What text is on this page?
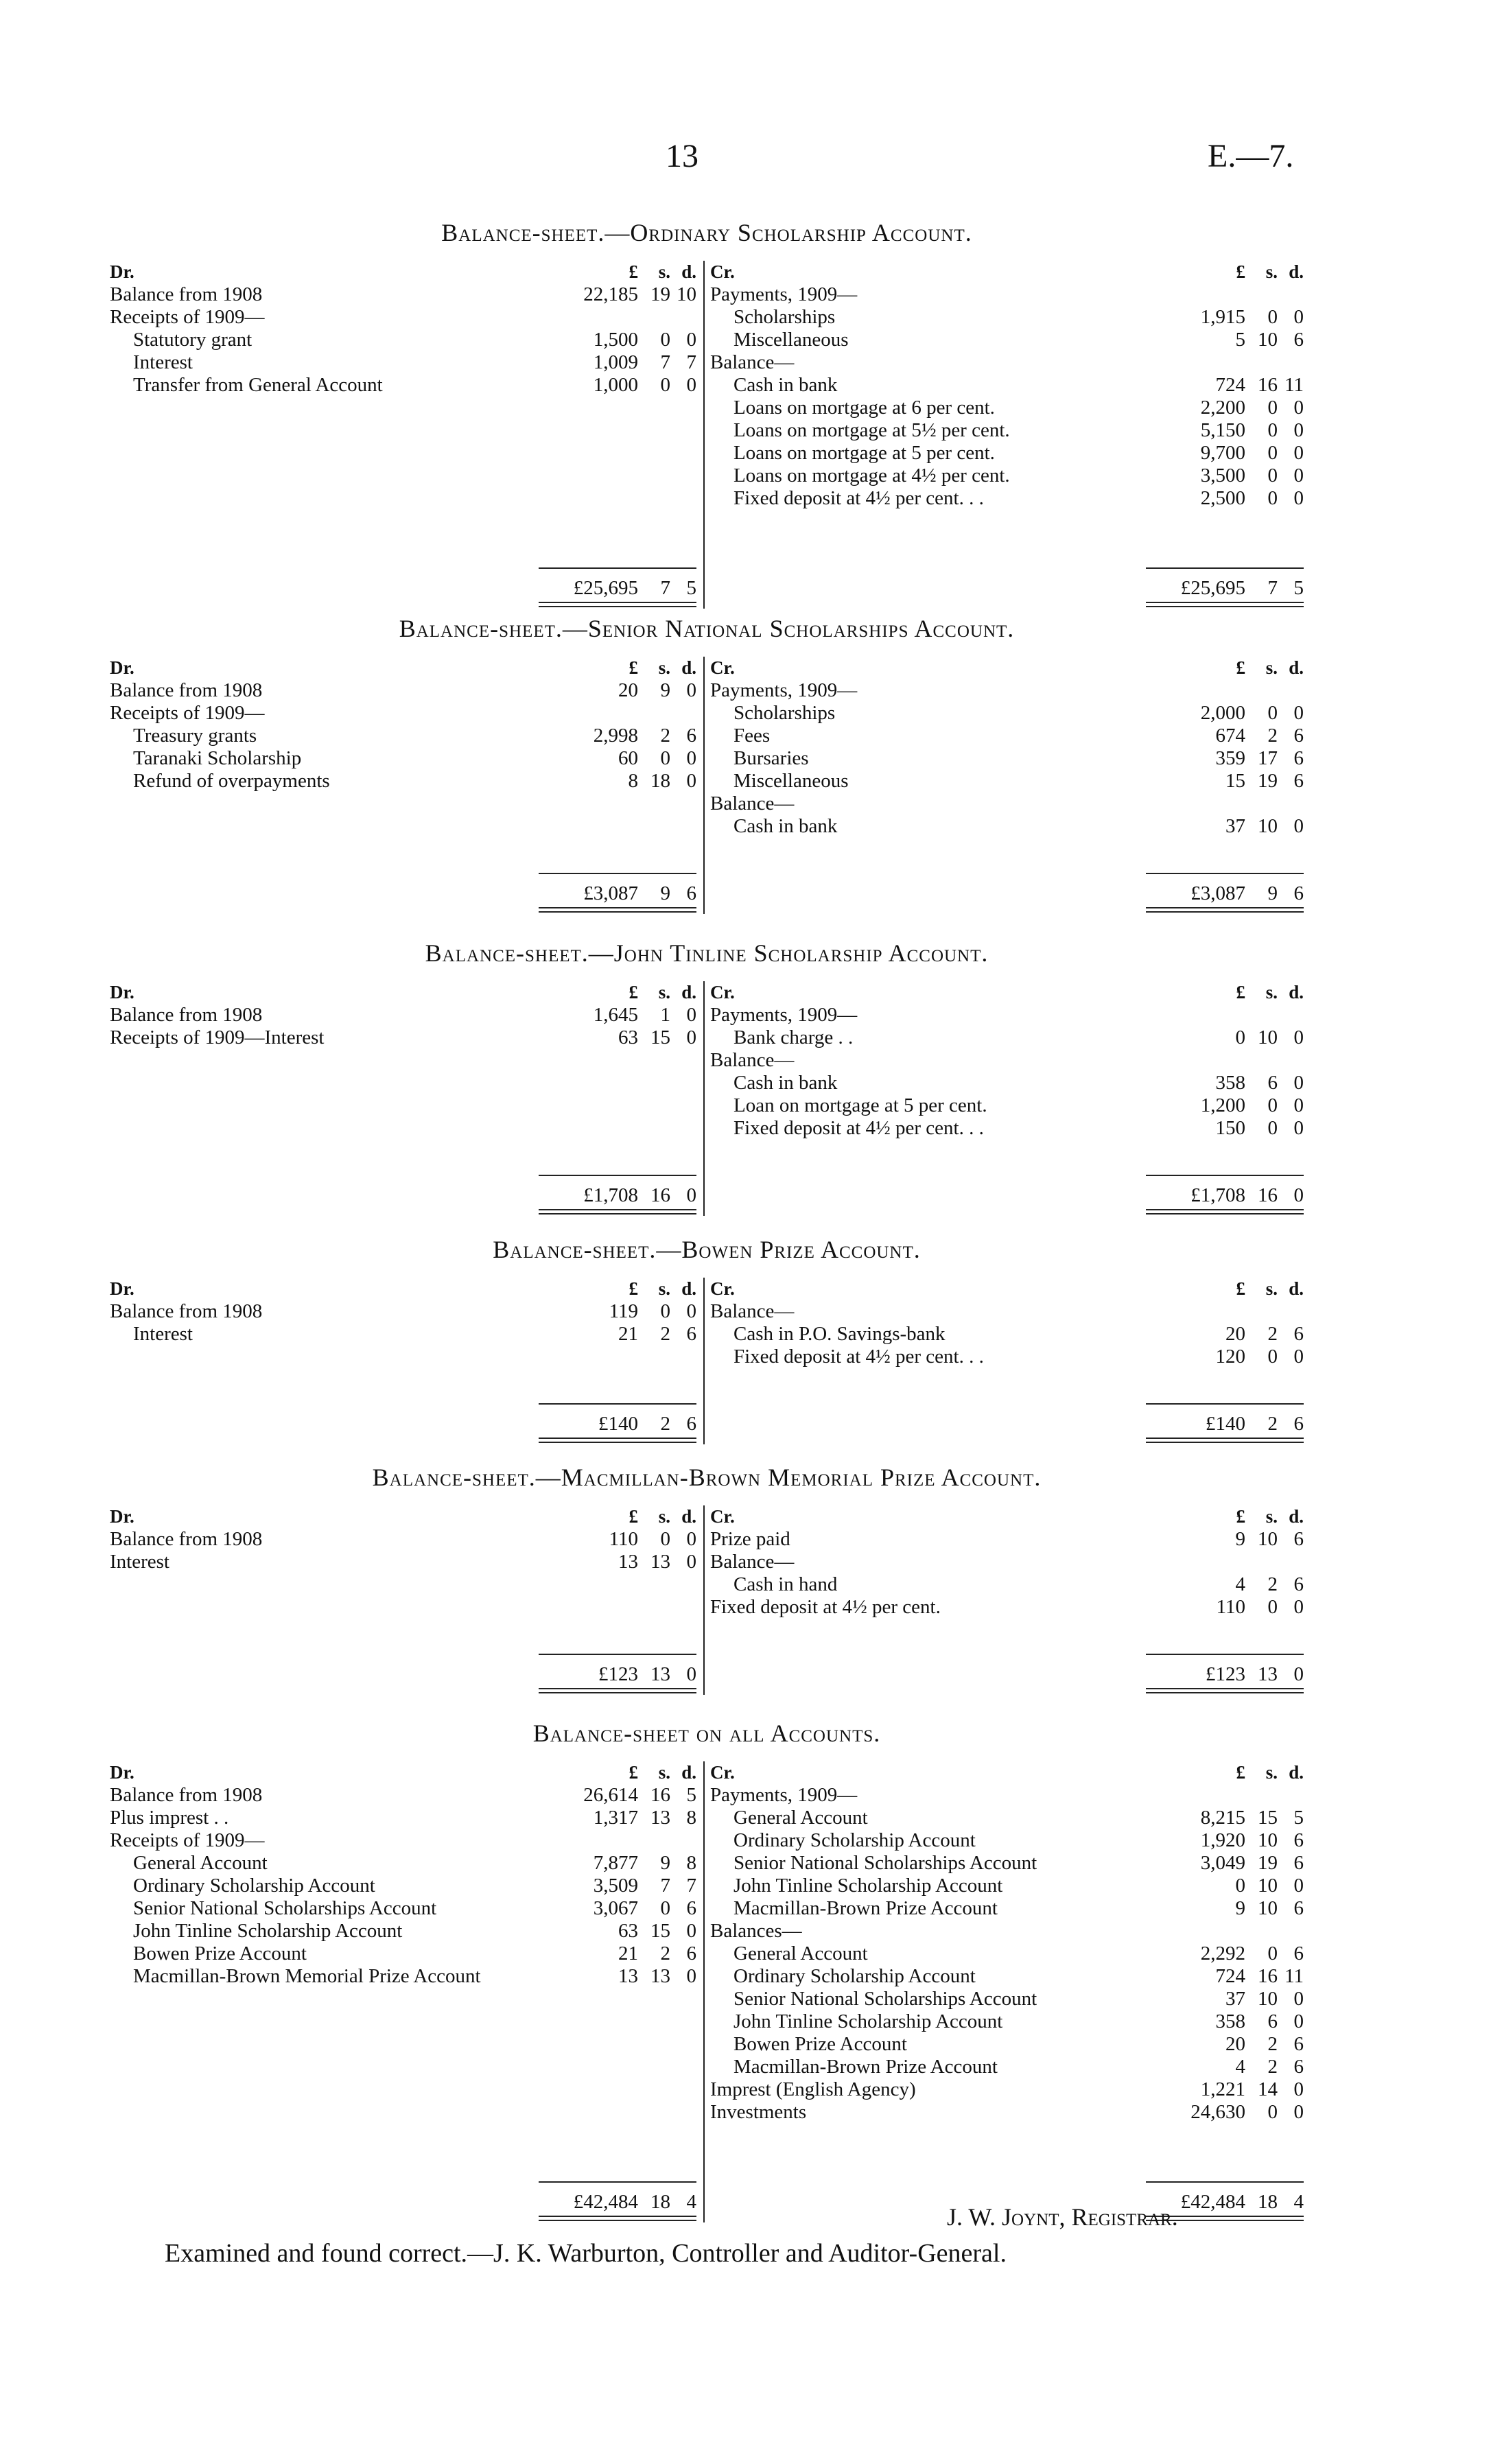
13	E.—7.
Balance-sheet.—Ordinary Scholarship Account.
Dr.	£	s. d.
Balance from 1908	22,185 19 10
Receipts of 1909—
Statutory grant	1,500	0 0
Interest	1,009	7 7
Transfer from General Account	1,000	0 0
£25,695	7 5
Cr.	£	s. d.
Payments, 1909—
Scholarships	1,915	0 0
Miscellaneous	5 10 6
Balance—
Cash in bank	724 16 11
Loans on mortgage at 6 per cent.	2,200	0 0
Loans on mortgage at 5½ per cent.	5,150	0 0
Loans on mortgage at 5 per cent.	9,700	0 0
Loans on mortgage at 4½ per cent.	3,500	0 0
Fixed deposit at 4½ per cent. . .	2,500	0 0
£25,695	7 5
Balance-sheet.—Senior National Scholarships Account.
Dr.	£	s. d.
Balance from 1908	20	9 0
Receipts of 1909—
Treasury grants	2,998	2 6
Taranaki Scholarship	60	0 0
Refund of overpayments	8 18 0
£3,087	9 6
Cr.	£	s. d.
Payments, 1909—
Scholarships	2,000	0 0
Fees	674	2 6
Bursaries	359 17 6
Miscellaneous	15 19 6
Balance—
Cash in bank	37 10 0
£3,087	9 6
Balance-sheet.—John Tinline Scholarship Account.
Dr.	£	s. d.
Balance from 1908	1,645	1 0
Receipts of 1909—Interest	63 15 0
£1,708 16 0
Cr.	£	s. d.
Payments, 1909—
Bank charge . .	0 10 0
Balance—
Cash in bank	358	6 0
Loan on mortgage at 5 per cent.	1,200	0 0
Fixed deposit at 4½ per cent. . .	150	0 0
£1,708 16 0
Balance-sheet.—Bowen Prize Account.
Dr.	£	s. d.
Balance from 1908	119	0 0
Interest	21	2 6
£140	2 6
Cr.	£	s. d.
Balance—
Cash in P.O. Savings-bank	20	2 6
Fixed deposit at 4½ per cent. . .	120	0 0
£140	2 6
Balance-sheet.—Macmillan-Brown Memorial Prize Account.
Dr.	£	s. d.
Balance from 1908	110	0 0
Interest	13 13 0
£123 13 0
Cr.	£	s. d.
Prize paid	9 10 6
Balance—
Cash in hand	4	2 6
Fixed deposit at 4½ per cent.	110	0 0
£123 13 0
Balance-sheet on all Accounts.
Dr.	£	s. d.
Balance from 1908	26,614 16 5
Plus imprest . .	1,317 13 8
Receipts of 1909—
General Account	7,877	9 8
Ordinary Scholarship Account	3,509	7 7
Senior National Scholarships Account	3,067	0 6
John Tinline Scholarship Account	63 15 0
Bowen Prize Account	21	2 6
Macmillan-Brown Memorial Prize Account	13 13 0
£42,484 18 4
Cr.	£	s. d.
Payments, 1909—
General Account	8,215 15 5
Ordinary Scholarship Account	1,920 10 6
Senior National Scholarships Account	3,049 19 6
John Tinline Scholarship Account	0 10 0
Macmillan-Brown Prize Account	9 10 6
Balances—
General Account	2,292	0 6
Ordinary Scholarship Account	724 16 11
Senior National Scholarships Account	37 10 0
John Tinline Scholarship Account	358	6 0
Bowen Prize Account	20	2 6
Macmillan-Brown Prize Account	4	2 6
Imprest (English Agency)	1,221 14 0
Investments	24,630	0 0
£42,484 18 4
J. W. Joynt, Registrar.
Examined and found correct.—J. K. Warburton, Controller and Auditor-General.
